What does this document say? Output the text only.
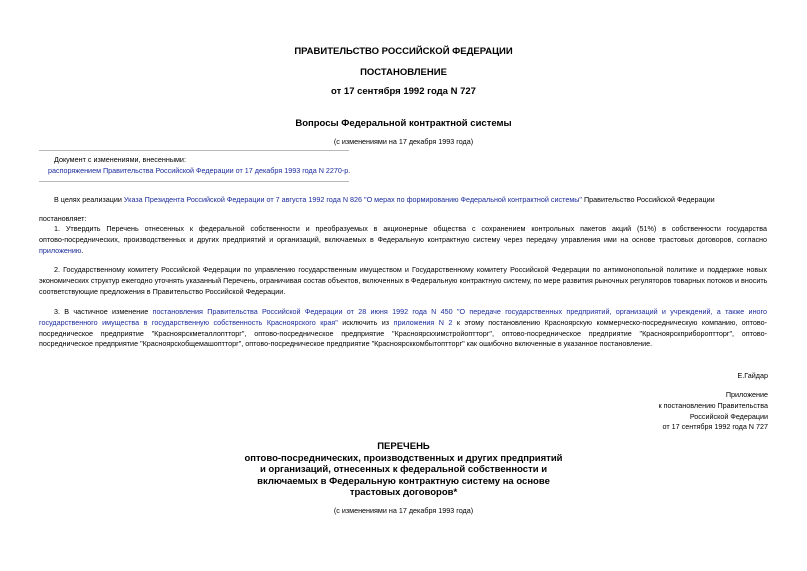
ПРАВИТЕЛЬСТВО РОССИЙСКОЙ ФЕДЕРАЦИИ
ПОСТАНОВЛЕНИЕ
от 17 сентября 1992 года N 727
Вопросы Федеральной контрактной системы
(с изменениями на 17 декабря 1993 года)
Документ с изменениями, внесенными:
распоряжением Правительства Российской Федерации от 17 декабря 1993 года N 2270-р.
В целях реализации Указа Президента Российской Федерации от 7 августа 1992 года N 826 "О мерах по формированию Федеральной контрактной системы" Правительство Российской Федерации
постановляет:
1. Утвердить Перечень отнесенных к федеральной собственности и преобразуемых в акционерные общества с сохранением контрольных пакетов акций (51%) в собственности государства
оптово-посреднических, производственных и других предприятий и организаций, включаемых в Федеральную контрактную систему через передачу управления ими на основе трастовых договоров, согласно
приложению.
2. Государственному комитету Российской Федерации по управлению государственным имуществом и Государственному комитету Российской Федерации по антимонопольной политике и поддержке новых
экономических структур ежегодно уточнять указанный Перечень, ограничивая состав объектов, включенных в Федеральную контрактную систему, по мере развития рыночных регуляторов товарных потоков и вносить
соответствующие предложения в Правительство Российской Федерации.
3. В частичное изменение постановления Правительства Российской Федерации от 28 июня 1992 года N 450 "О передаче государственных предприятий, организаций и учреждений, а также иного
государственного имущества в государственную собственность Красноярского края" исключить из приложения N 2 к этому постановлению Красноярскую коммерческо-посредническую компанию, оптово-
посредническое предприятие "Красноярскметаллоптторг", оптово-посредническое предприятие "Красноярскхимстройоптторг", оптово-посредническое предприятие "Красноярскприбороптторг", оптово-
посредническое предприятие "Красноярскобщемашоптторг", оптово-посредническое предприятие "Красноярсккомбытоптторг" как ошибочно включенные в указанное постановление.
Е.Гайдар
Приложение
к постановлению Правительства
Российской Федерации
от 17 сентября 1992 года N 727
ПЕРЕЧЕНЬ
оптово-посреднических, производственных и других предприятий
и организаций, отнесенных к федеральной собственности и
включаемых в Федеральную контрактную систему на основе
трастовых договоров*
(с изменениями на 17 декабря 1993 года)
